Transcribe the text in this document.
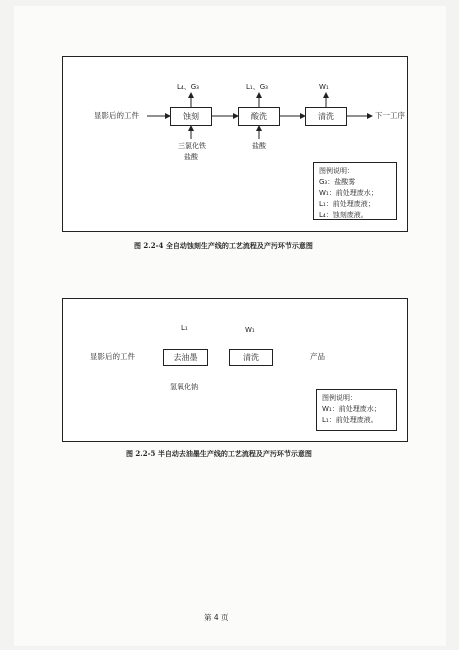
显影后的工件	蚀刻	酸洗	清洗	下一工序
L₄、G₃	L₁、G₃	W₁
三氯化铁
盐酸
盐酸
图例说明：
G₃：盐酸雾
W₁：前处理废水；
L₁：前处理废液；
L₄：蚀刻废液。
图 2.2-4 全自动蚀刻生产线的工艺流程及产污环节示意图
显影后的工件	去油墨	清洗	产品
L₁	W₁
氢氧化钠
图例说明：
W₁：前处理废水；
L₁：前处理废液。
图 2.2-5 半自动去油墨生产线的工艺流程及产污环节示意图
第 4 页
